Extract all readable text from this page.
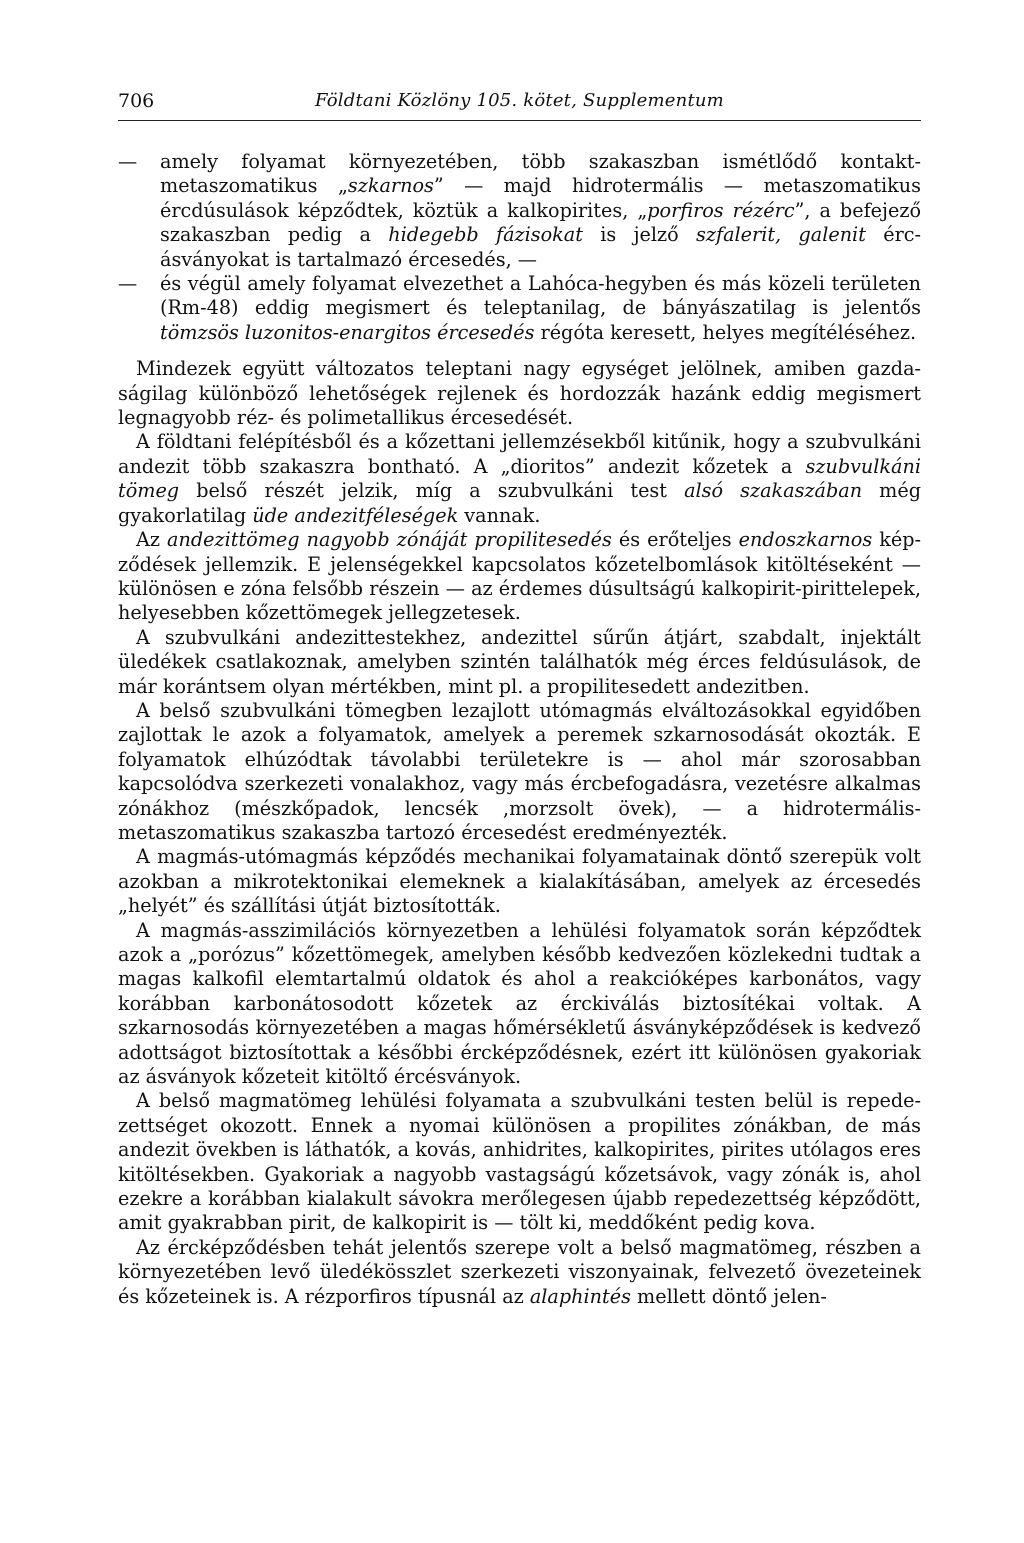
706	Földtani Közlöny 105. kötet, Supplementum

— amely folyamat környezetében, több szakaszban ismétlődő kontaktmetaszomatikus „szkarnos” — majd hidrotermális — metaszomatikus ércdúsulások képződtek, köztük a kalkopirites, „porfiros rézérc”, a befejező szakaszban pedig a hidegebb fázisokat is jelző szfalerit, galenit ércásványokat is tartalmazó ércesedés, —

— és végül amely folyamat elvezethet a Lahóca-hegyben és más közeli területen (Rm-48) eddig megismert és teleptanilag, de bányászatilag is jelentős tömzsös luzonitos-enargitos ércesedés régóta keresett, helyes megítéléséhez.

Mindezek együtt változatos teleptani nagy egységet jelölnek, amiben gazdaságilag különböző lehetőségek rejlenek és hordozzák hazánk eddig megismert legnagyobb réz- és polimetallikus ércesedését.

A földtani felépítésből és a kőzettani jellemzésekből kitűnik, hogy a szubvulkáni andezit több szakaszra bontható. A „dioritos” andezit kőzetek a szubvulkáni tömeg belső részét jelzik, míg a szubvulkáni test alsó szakaszában még gyakorlatilag üde andezitféleségek vannak.

Az andezittömeg nagyobb zónáját propilitesedés és erőteljes endoszkarnos képződések jellemzik. E jelenségekkel kapcsolatos kőzetelbomlások kitöltéseként — különösen e zóna felsőbb részein — az érdemes dúsultságú kalkopirit-pirittelepek, helyesebben kőzettömegek jellegzetesek.

A szubvulkáni andezittestekhez, andezittel sűrűn átjárt, szabdalt, injektált üledékek csatlakoznak, amelyben szintén találhatók még érces feldúsulások, de már korántsem olyan mértékben, mint pl. a propilitesedett andezitben.

A belső szubvulkáni tömegben lezajlott utómagmás elváltozásokkal egyidőben zajlottak le azok a folyamatok, amelyek a peremek szkarnosodását okozták. E folyamatok elhúzódtak távolabbi területekre is — ahol már szorosabban kapcsolódva szerkezeti vonalakhoz, vagy más ércbefogadásra, vezetésre alkalmas zónákhoz (mészkőpadok, lencsék ,morzsolt övek), — a hidrotermális-metaszomatikus szakaszba tartozó ércesedést eredményezték.

A magmás-utómagmás képződés mechanikai folyamatainak döntő szerepük volt azokban a mikrotektonikai elemeknek a kialakításában, amelyek az ércesedés „helyét” és szállítási útját biztosították.

A magmás-asszimilációs környezetben a lehülési folyamatok során képződtek azok a „porózus” kőzettömegek, amelyben később kedvezően közlekedni tudtak a magas kalkofil elemtartalmú oldatok és ahol a reakcióképes karbonátos, vagy korábban karbonátosodott kőzetek az érckiválás biztosítékai voltak. A szkarnosodás környezetében a magas hőmérsékletű ásványképződések is kedvező adottságot biztosítottak a későbbi ércképződésnek, ezért itt különösen gyakoriak az ásványok kőzeteit kitöltő ércésványok.

A belső magmatömeg lehülési folyamata a szubvulkáni testen belül is repedezettséget okozott. Ennek a nyomai különösen a propilites zónákban, de más andezit övekben is láthatók, a kovás, anhidrites, kalkopirites, pirites utólagos eres kitöltésekben. Gyakoriak a nagyobb vastagságú kőzetsávok, vagy zónák is, ahol ezekre a korábban kialakult sávokra merőlegesen újabb repedezettség képződött, amit gyakrabban pirit, de kalkopirit is — tölt ki, meddőként pedig kova.

Az ércképződésben tehát jelentős szerepe volt a belső magmatömeg, részben a környezetében levő üledékösszlet szerkezeti viszonyainak, felvezető övezeteinek és kőzeteinek is. A rézporfiros típusnál az alaphintés mellett döntő jelen-
